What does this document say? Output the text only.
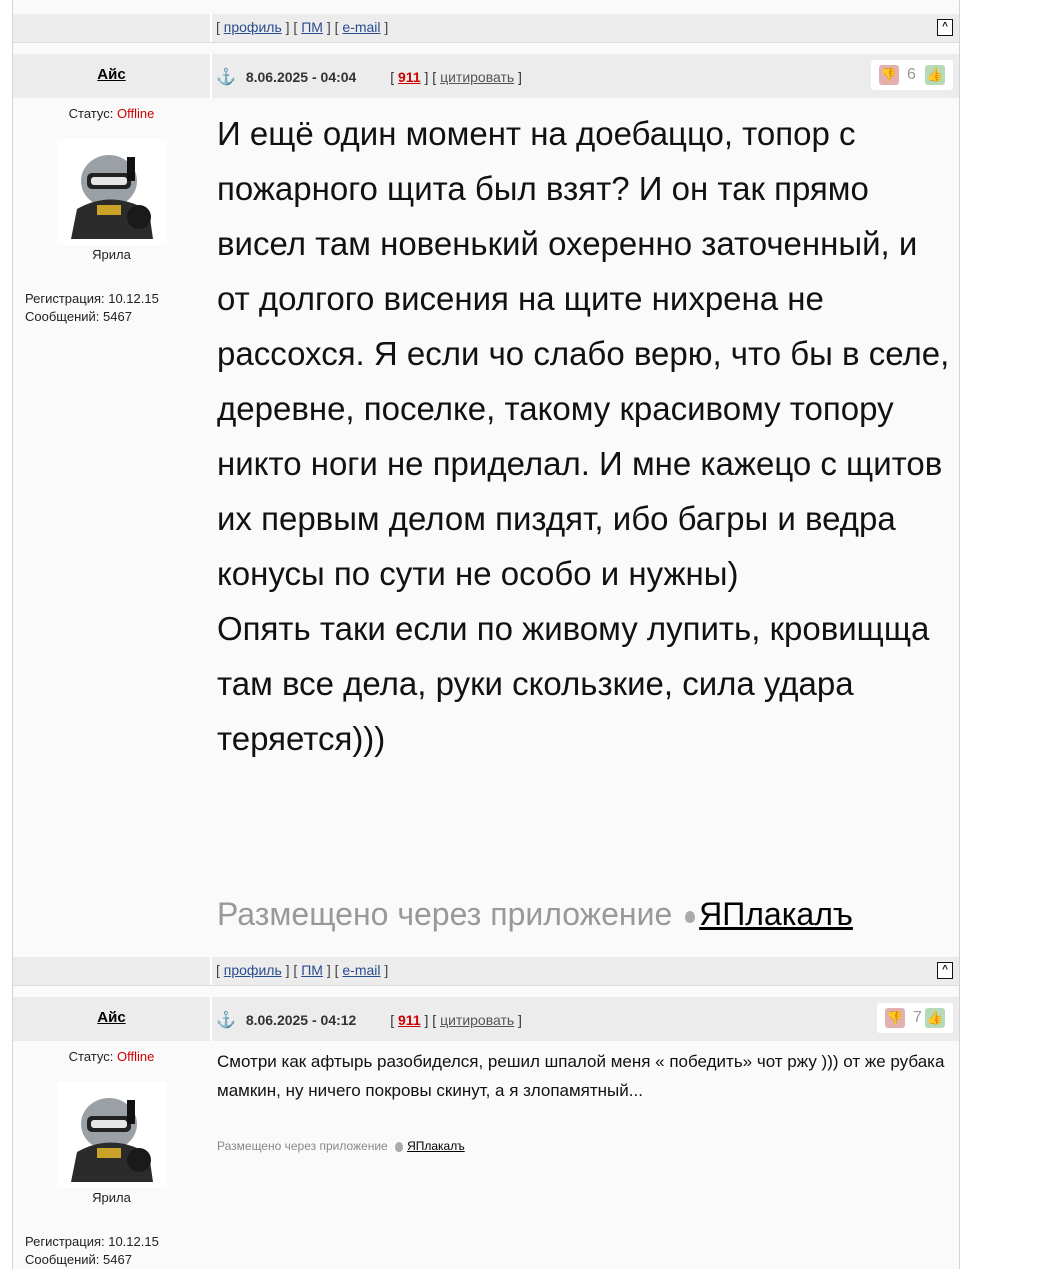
[ профиль ] [ ПМ ] [ e-mail ]	^
Айс	⚓ 8.06.2025 - 04:04 [ 911 ] [ цитировать ]	👎 6 👍
Статус: Offline
Ярила
Регистрация: 10.12.15
Сообщений: 5467
И ещё один момент на доебаццо, топор с пожарного щита был взят? И он так прямо висел там новенький охеренно заточенный, и от долгого висения на щите нихрена не рассохся. Я если чо слабо верю, что бы в селе, деревне, поселке, такому красивому топору никто ноги не приделал. И мне кажецо с щитов их первым делом пиздят, ибо багры и ведра конусы по сути не особо и нужны)
Опять таки если по живому лупить, кровищща там все дела, руки скользкие, сила удара теряется)))
Размещено через приложение ЯПлакалъ
[ профиль ] [ ПМ ] [ e-mail ]	^
Айс	⚓ 8.06.2025 - 04:12 [ 911 ] [ цитировать ]	👎 7 👍
Статус: Offline
Ярила
Регистрация: 10.12.15
Сообщений: 5467
Смотри как афтырь разобиделся, решил шпалой меня « победить» чот ржу ))) от же рубака мамкин, ну ничего покровы скинут, а я злопамятный...
Размещено через приложение ЯПлакалъ
